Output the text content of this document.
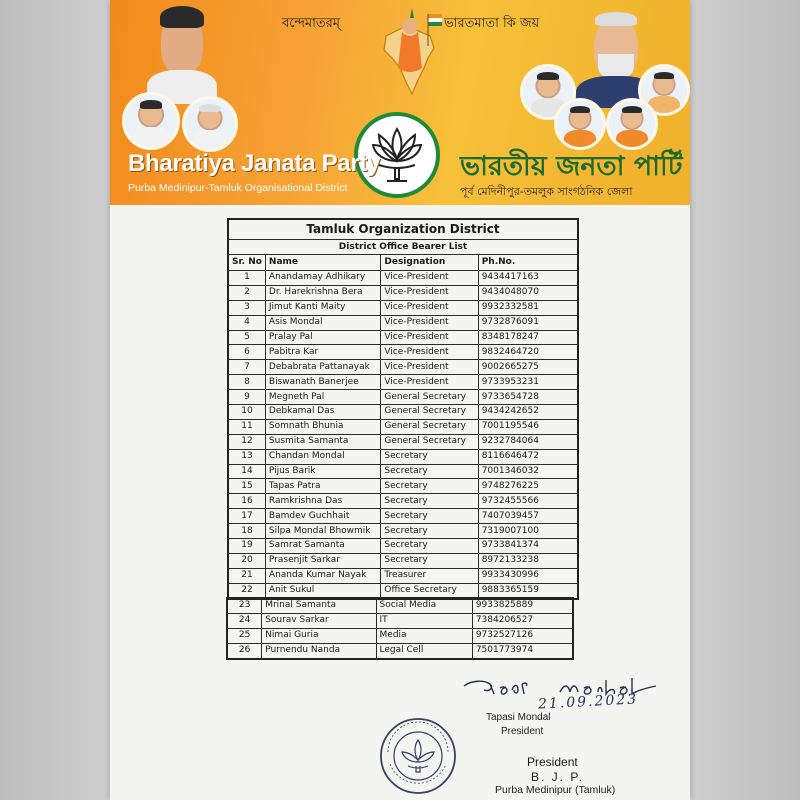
বন্দেমাতরম্	ভারতমাতা কি জয়
Bharatiya Janata Party
Purba Medinipur-Tamluk Organisational District
ভারতীয় জনতা পার্টি
পূর্ব মেদিনীপুর-তমলুক সাংগঠনিক জেলা
Tamluk Organization District			
District Office Bearer List			
Sr. No	Name	Designation	Ph.No.
1	Anandamay Adhikary	Vice-President	9434417163
2	Dr. Harekrishna Bera	Vice-President	9434048070
3	Jimut Kanti Maity	Vice-President	9932332581
4	Asis Mondal	Vice-President	9732876091
5	Pralay Pal	Vice-President	8348178247
6	Pabitra Kar	Vice-President	9832464720
7	Debabrata Pattanayak	Vice-President	9002665275
8	Biswanath Banerjee	Vice-President	9733953231
9	Megneth Pal	General Secretary	9733654728
10	Debkamal Das	General Secretary	9434242652
11	Somnath Bhunia	General Secretary	7001195546
12	Susmita Samanta	General Secretary	9232784064
13	Chandan Mondal	Secretary	8116646472
14	Pijus Barik	Secretary	7001346032
15	Tapas Patra	Secretary	9748276225
16	Ramkrishna Das	Secretary	9732455566
17	Bamdev Guchhait	Secretary	7407039457
18	Silpa Mondal Bhowmik	Secretary	7319007100
19	Samrat Samanta	Secretary	9733841374
20	Prasenjit Sarkar	Secretary	8972133238
21	Ananda Kumar Nayak	Treasurer	9933430996
22	Anit Sukul	Office Secretary	9883365159
23	Mrinal Samanta	Social Media	9933825889
24	Sourav Sarkar	IT	7384206527
25	Nimai Guria	Media	9732527126
26	Purnendu Nanda	Legal Cell	7501773974
21.09.2023
Tapasi Mondal
President
President
B. J. P.
Purba Medinipur (Tamluk)
